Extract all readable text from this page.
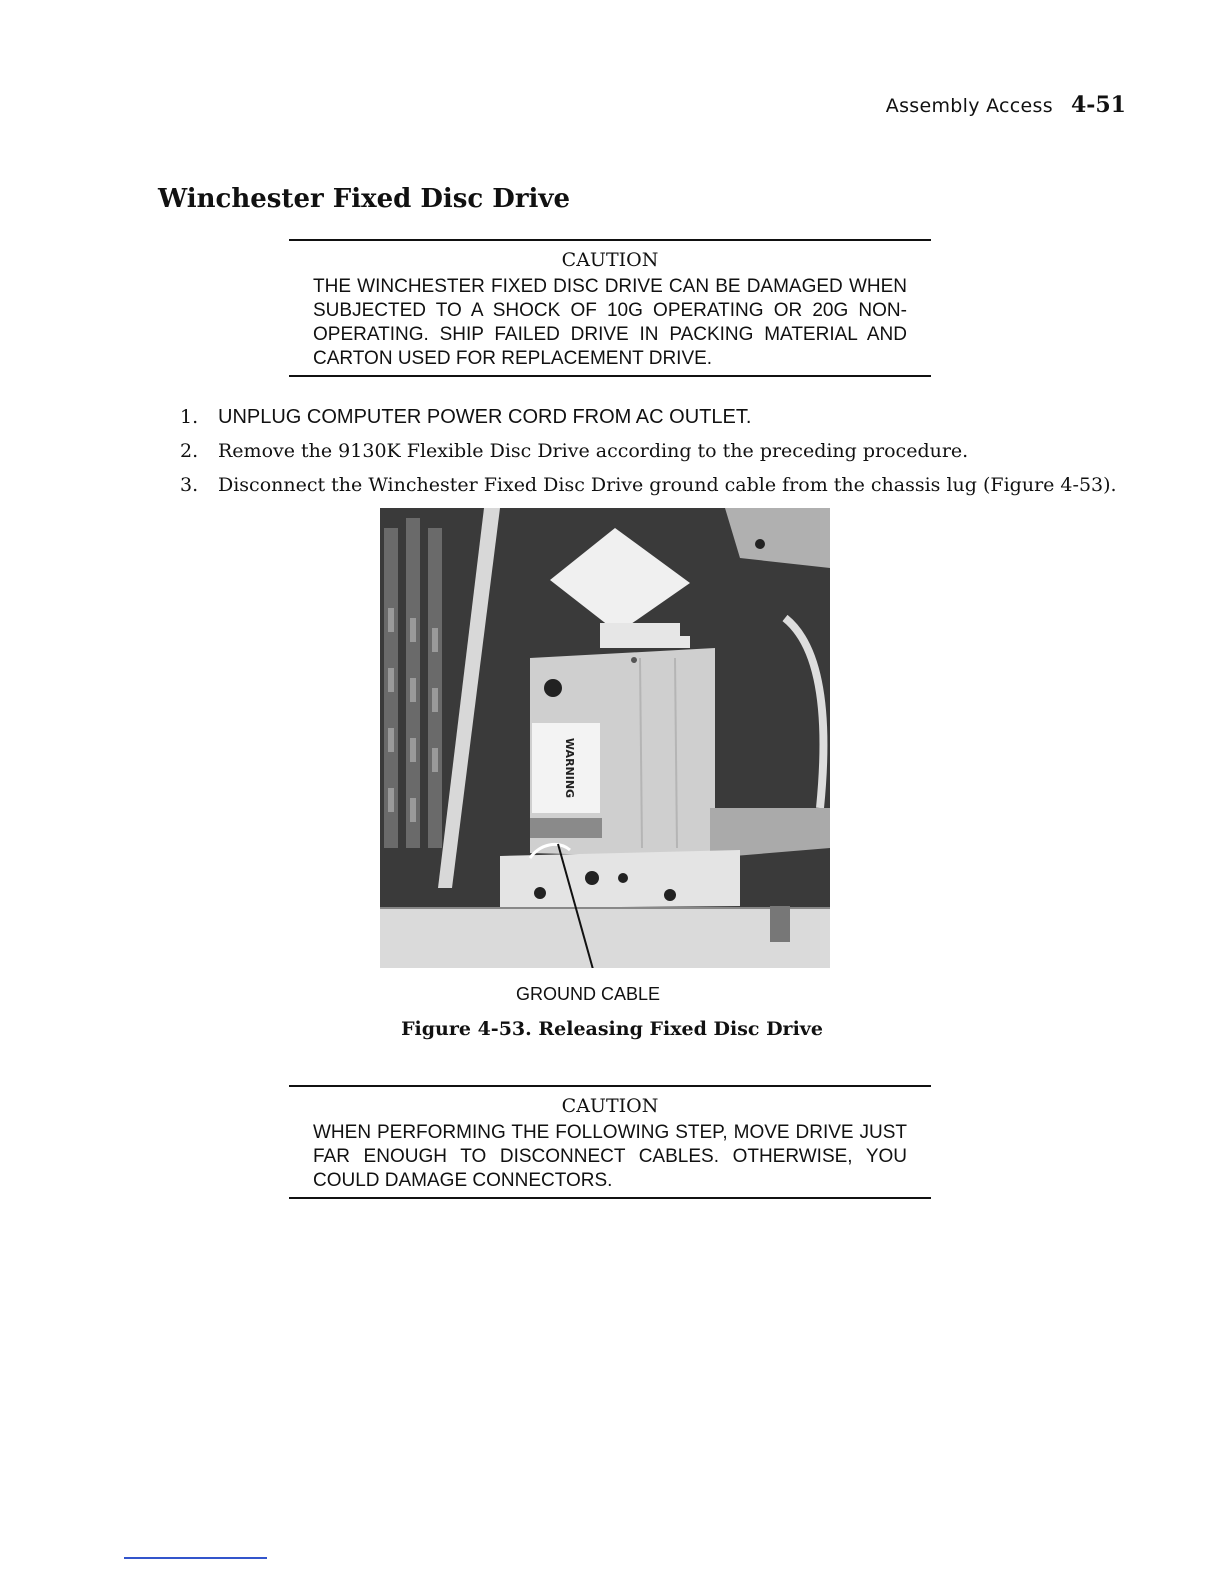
Assembly Access 4-51
Winchester Fixed Disc Drive
CAUTION
THE WINCHESTER FIXED DISC DRIVE CAN BE DAMAGED WHEN SUBJECTED TO A SHOCK OF 10G OPERATING OR 20G NON-OPERATING. SHIP FAILED DRIVE IN PACKING MATERIAL AND CARTON USED FOR REPLACEMENT DRIVE.
1. UNPLUG COMPUTER POWER CORD FROM AC OUTLET.
2.	Remove the 9130K Flexible Disc Drive according to the preceding procedure.
3.	Disconnect the Winchester Fixed Disc Drive ground cable from the chassis lug (Figure 4-53).
WARNING
GROUND CABLE
Figure 4-53. Releasing Fixed Disc Drive
CAUTION
WHEN PERFORMING THE FOLLOWING STEP, MOVE DRIVE JUST FAR ENOUGH TO DISCONNECT CABLES. OTHERWISE, YOU COULD DAMAGE CONNECTORS.
